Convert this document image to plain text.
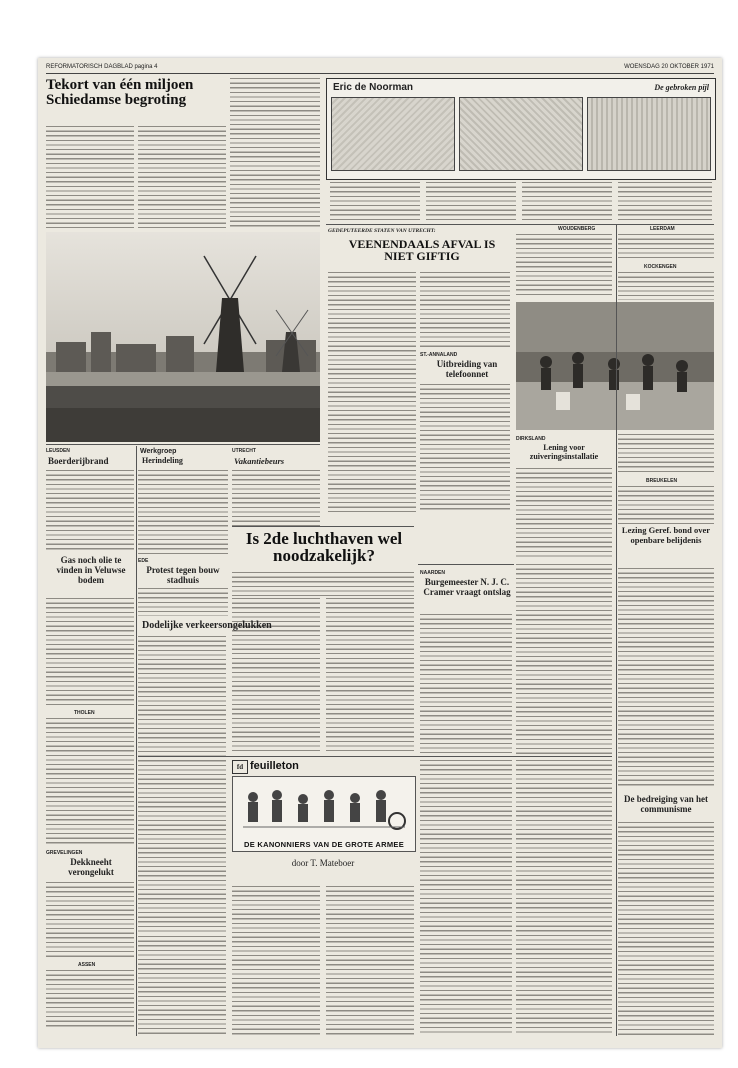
REFORMATORISCH DAGBLAD pagina 4	WOENSDAG 20 OKTOBER 1971
Tekort van één miljoen Schiedamse begroting
Eric de Noorman	De gebroken pijl
GEDEPUTEERDE STATEN VAN UTRECHT:
VEENENDAALS AFVAL IS NIET GIFTIG
ST.-ANNALAND
Uitbreiding van telefoonnet
WOUDENBERG	LEERDAM
KOCKENGEN
DIRKSLAND
Lening voor zuiveringsinstallatie
BREUKELEN
Lezing Geref. bond over openbare belijdenis
NAARDEN
Burgemeester N. J. C. Cramer vraagt ontslag
LEUSDEN
Boerderijbrand
Gas noch olie te vinden in Veluwse bodem
THOLEN
GREVELINGEN
Dekkneeht verongelukt
ASSEN
Werkgroep
Herindeling
EDE
Protest tegen bouw stadhuis
UTRECHT
Vakantiebeurs
Is 2de luchthaven wel noodzakelijk?
Dodelijke verkeersongelukken
fd feuilleton
DE KANONNIERS VAN DE GROTE ARMEE
door T. Mateboer
De bedreiging van het communisme
